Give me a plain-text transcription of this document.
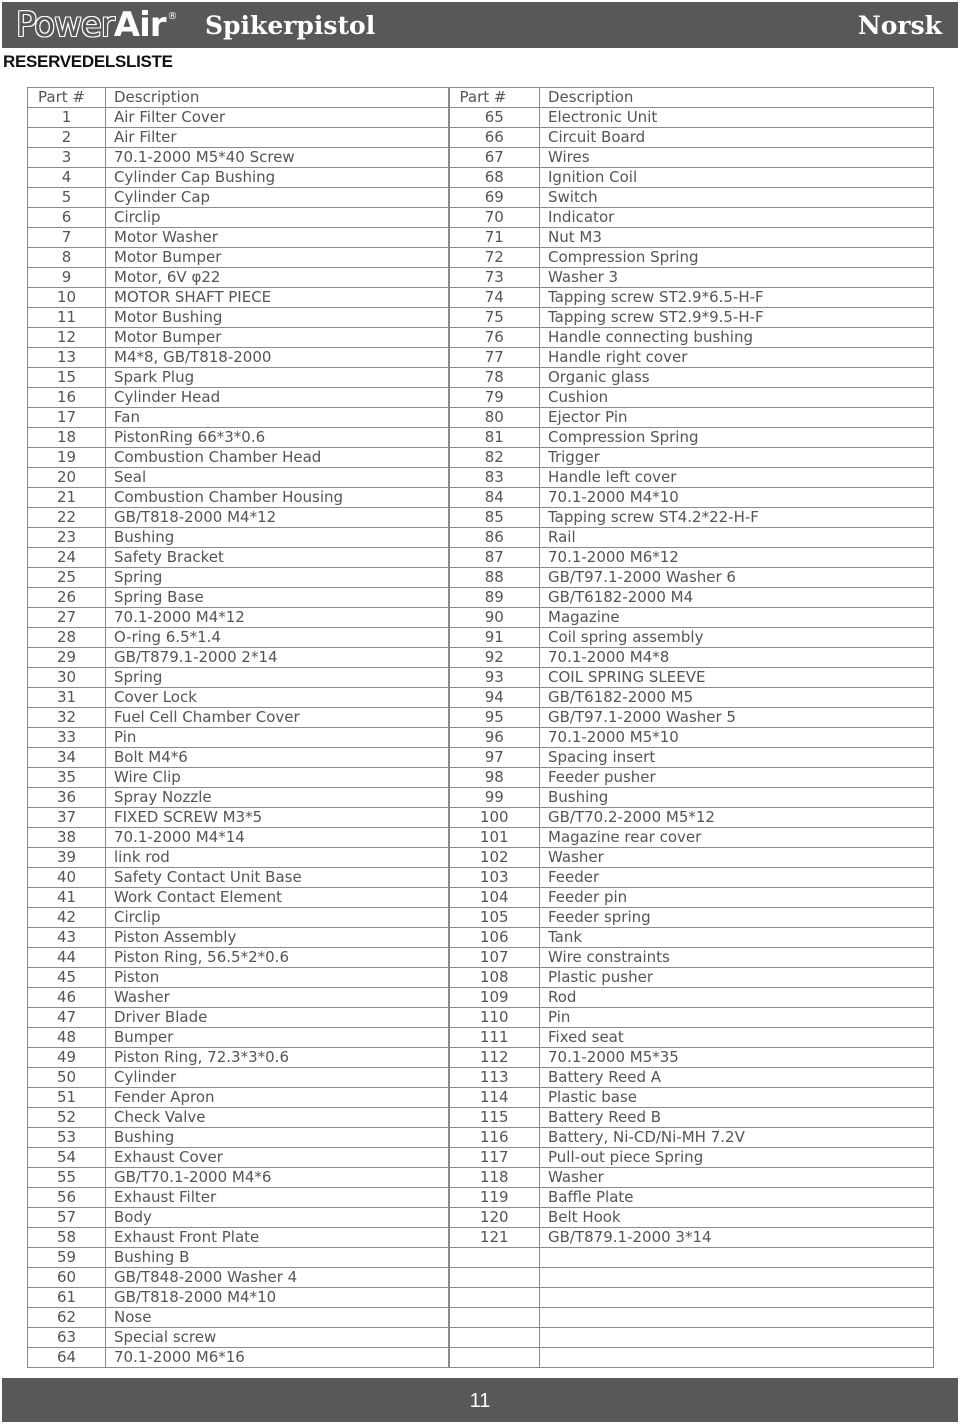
PowerAir ® Spikerpistol	Norsk
RESERVEDELSLISTE
Part #	Description	Part #	Description
1	Air Filter Cover	65	Electronic Unit
2	Air Filter	66	Circuit Board
3	70.1-2000 M5*40 Screw	67	Wires
4	Cylinder Cap Bushing	68	Ignition Coil
5	Cylinder Cap	69	Switch
6	Circlip	70	Indicator
7	Motor Washer	71	Nut M3
8	Motor Bumper	72	Compression Spring
9	Motor, 6V φ22	73	Washer 3
10	MOTOR SHAFT PIECE	74	Tapping screw ST2.9*6.5-H-F
11	Motor Bushing	75	Tapping screw ST2.9*9.5-H-F
12	Motor Bumper	76	Handle connecting bushing
13	M4*8, GB/T818-2000	77	Handle right cover
15	Spark Plug	78	Organic glass
16	Cylinder Head	79	Cushion
17	Fan	80	Ejector Pin
18	PistonRing 66*3*0.6	81	Compression Spring
19	Combustion Chamber Head	82	Trigger
20	Seal	83	Handle left cover
21	Combustion Chamber Housing	84	70.1-2000 M4*10
22	GB/T818-2000 M4*12	85	Tapping screw ST4.2*22-H-F
23	Bushing	86	Rail
24	Safety Bracket	87	70.1-2000 M6*12
25	Spring	88	GB/T97.1-2000 Washer 6
26	Spring Base	89	GB/T6182-2000 M4
27	70.1-2000 M4*12	90	Magazine
28	O-ring 6.5*1.4	91	Coil spring assembly
29	GB/T879.1-2000 2*14	92	70.1-2000 M4*8
30	Spring	93	COIL SPRING SLEEVE
31	Cover Lock	94	GB/T6182-2000 M5
32	Fuel Cell Chamber Cover	95	GB/T97.1-2000 Washer 5
33	Pin	96	70.1-2000 M5*10
34	Bolt M4*6	97	Spacing insert
35	Wire Clip	98	Feeder pusher
36	Spray Nozzle	99	Bushing
37	FIXED SCREW M3*5	100	GB/T70.2-2000 M5*12
38	70.1-2000 M4*14	101	Magazine rear cover
39	link rod	102	Washer
40	Safety Contact Unit Base	103	Feeder
41	Work Contact Element	104	Feeder pin
42	Circlip	105	Feeder spring
43	Piston Assembly	106	Tank
44	Piston Ring, 56.5*2*0.6	107	Wire constraints
45	Piston	108	Plastic pusher
46	Washer	109	Rod
47	Driver Blade	110	Pin
48	Bumper	111	Fixed seat
49	Piston Ring, 72.3*3*0.6	112	70.1-2000 M5*35
50	Cylinder	113	Battery Reed A
51	Fender Apron	114	Plastic base
52	Check Valve	115	Battery Reed B
53	Bushing	116	Battery, Ni-CD/Ni-MH 7.2V
54	Exhaust Cover	117	Pull-out piece Spring
55	GB/T70.1-2000 M4*6	118	Washer
56	Exhaust Filter	119	Baffle Plate
57	Body	120	Belt Hook
58	Exhaust Front Plate	121	GB/T879.1-2000 3*14
59	Bushing B		
60	GB/T848-2000 Washer 4		
61	GB/T818-2000 M4*10		
62	Nose		
63	Special screw		
64	70.1-2000 M6*16		
11
